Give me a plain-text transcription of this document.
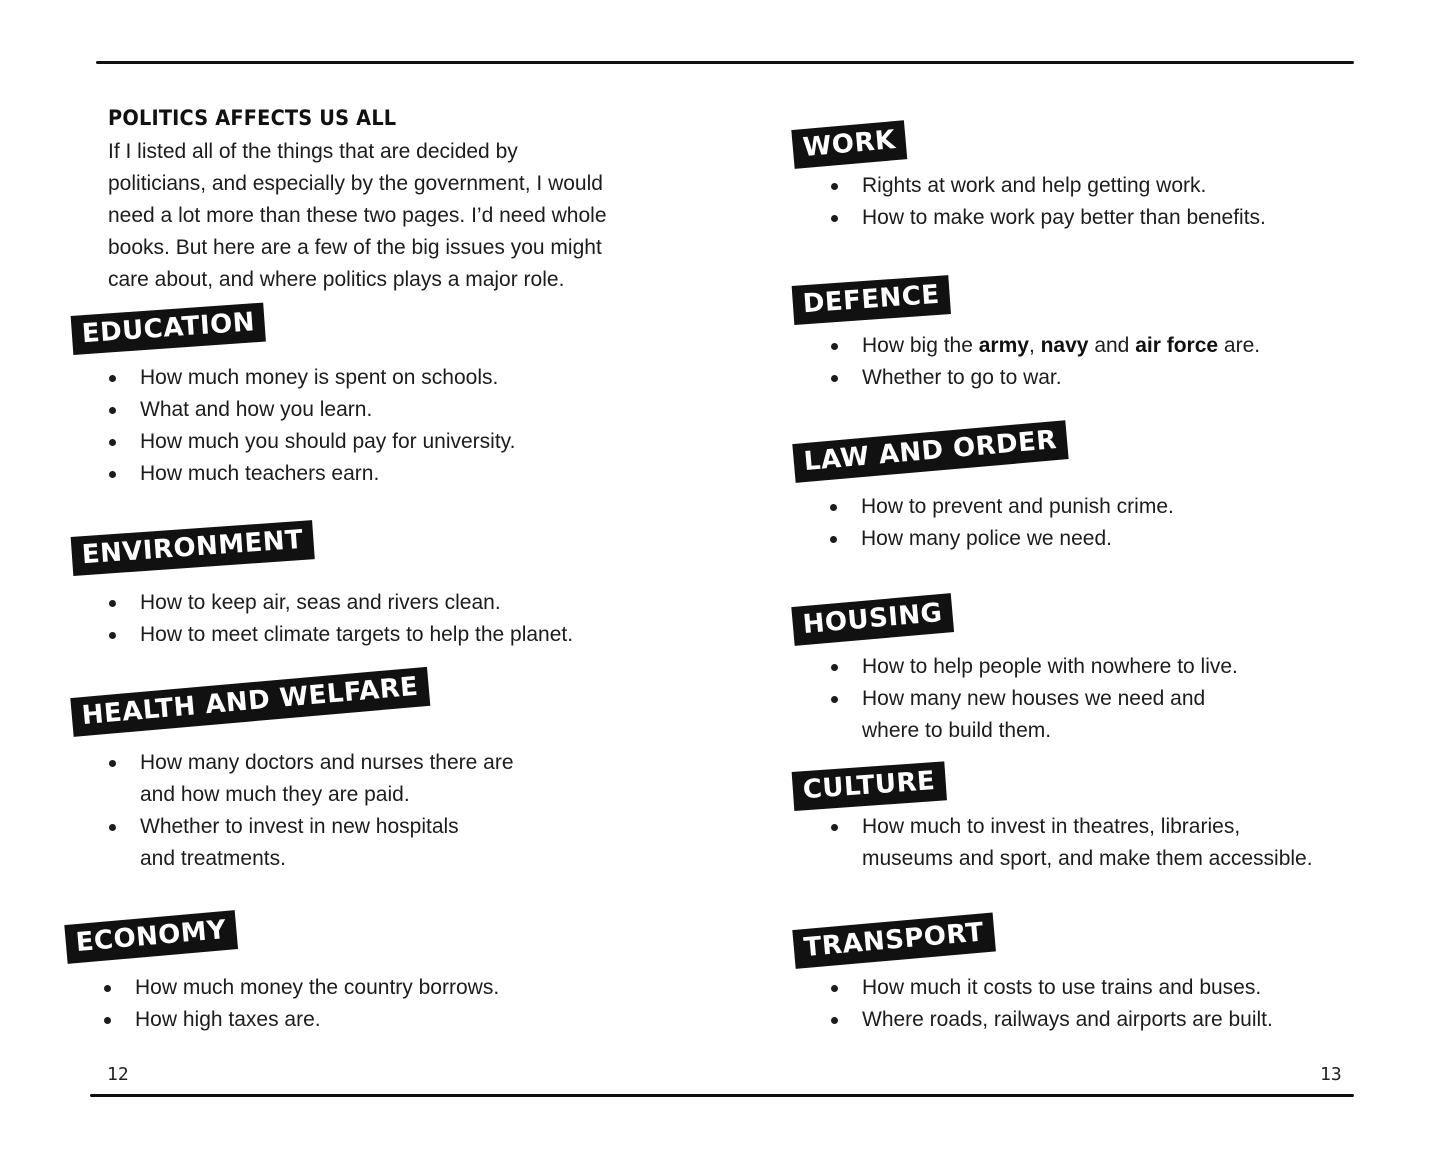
POLITICS AFFECTS US ALL

If I listed all of the things that are decided by
politicians, and especially by the government, I would
need a lot more than these two pages. I’d need whole
books. But here are a few of the big issues you might
care about, and where politics plays a major role.

EDUCATION
How much money is spent on schools.
What and how you learn.
How much you should pay for university.
How much teachers earn.
ENVIRONMENT
How to keep air, seas and rivers clean.
How to meet climate targets to help the planet.
HEALTH AND WELFARE
How many doctors and nurses there are
and how much they are paid.
Whether to invest in new hospitals
and treatments.
ECONOMY
How much money the country borrows.
How high taxes are.
WORK
Rights at work and help getting work.
How to make work pay better than benefits.
DEFENCE
How big the army, navy and air force are.
Whether to go to war.
LAW AND ORDER
How to prevent and punish crime.
How many police we need.
HOUSING
How to help people with nowhere to live.
How many new houses we need and
where to build them.
CULTURE
How much to invest in theatres, libraries,
museums and sport, and make them accessible.
TRANSPORT
How much it costs to use trains and buses.
Where roads, railways and airports are built.
12	13
